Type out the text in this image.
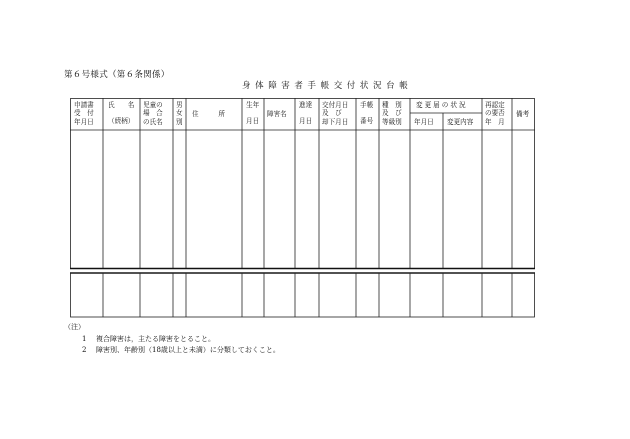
第６号様式（第６条関係）
身体障害者手帳交付状況台帳
申請書
受　付
年月日
氏　　名
（続柄）
児童の
場　合
の氏名
男
女
別
住　　　所
生年
月日
障害名
進達
月日
交付月日
及　び
却下月日
手帳
番号
種　別
及　び
等級別
変更届の状況
年月日 変更内容
再認定
の要否
年　月
備考
（注）
1 複合障害は，主たる障害をとること。
2 障害別、年齢別（18歳以上と未満）に分類しておくこと。
